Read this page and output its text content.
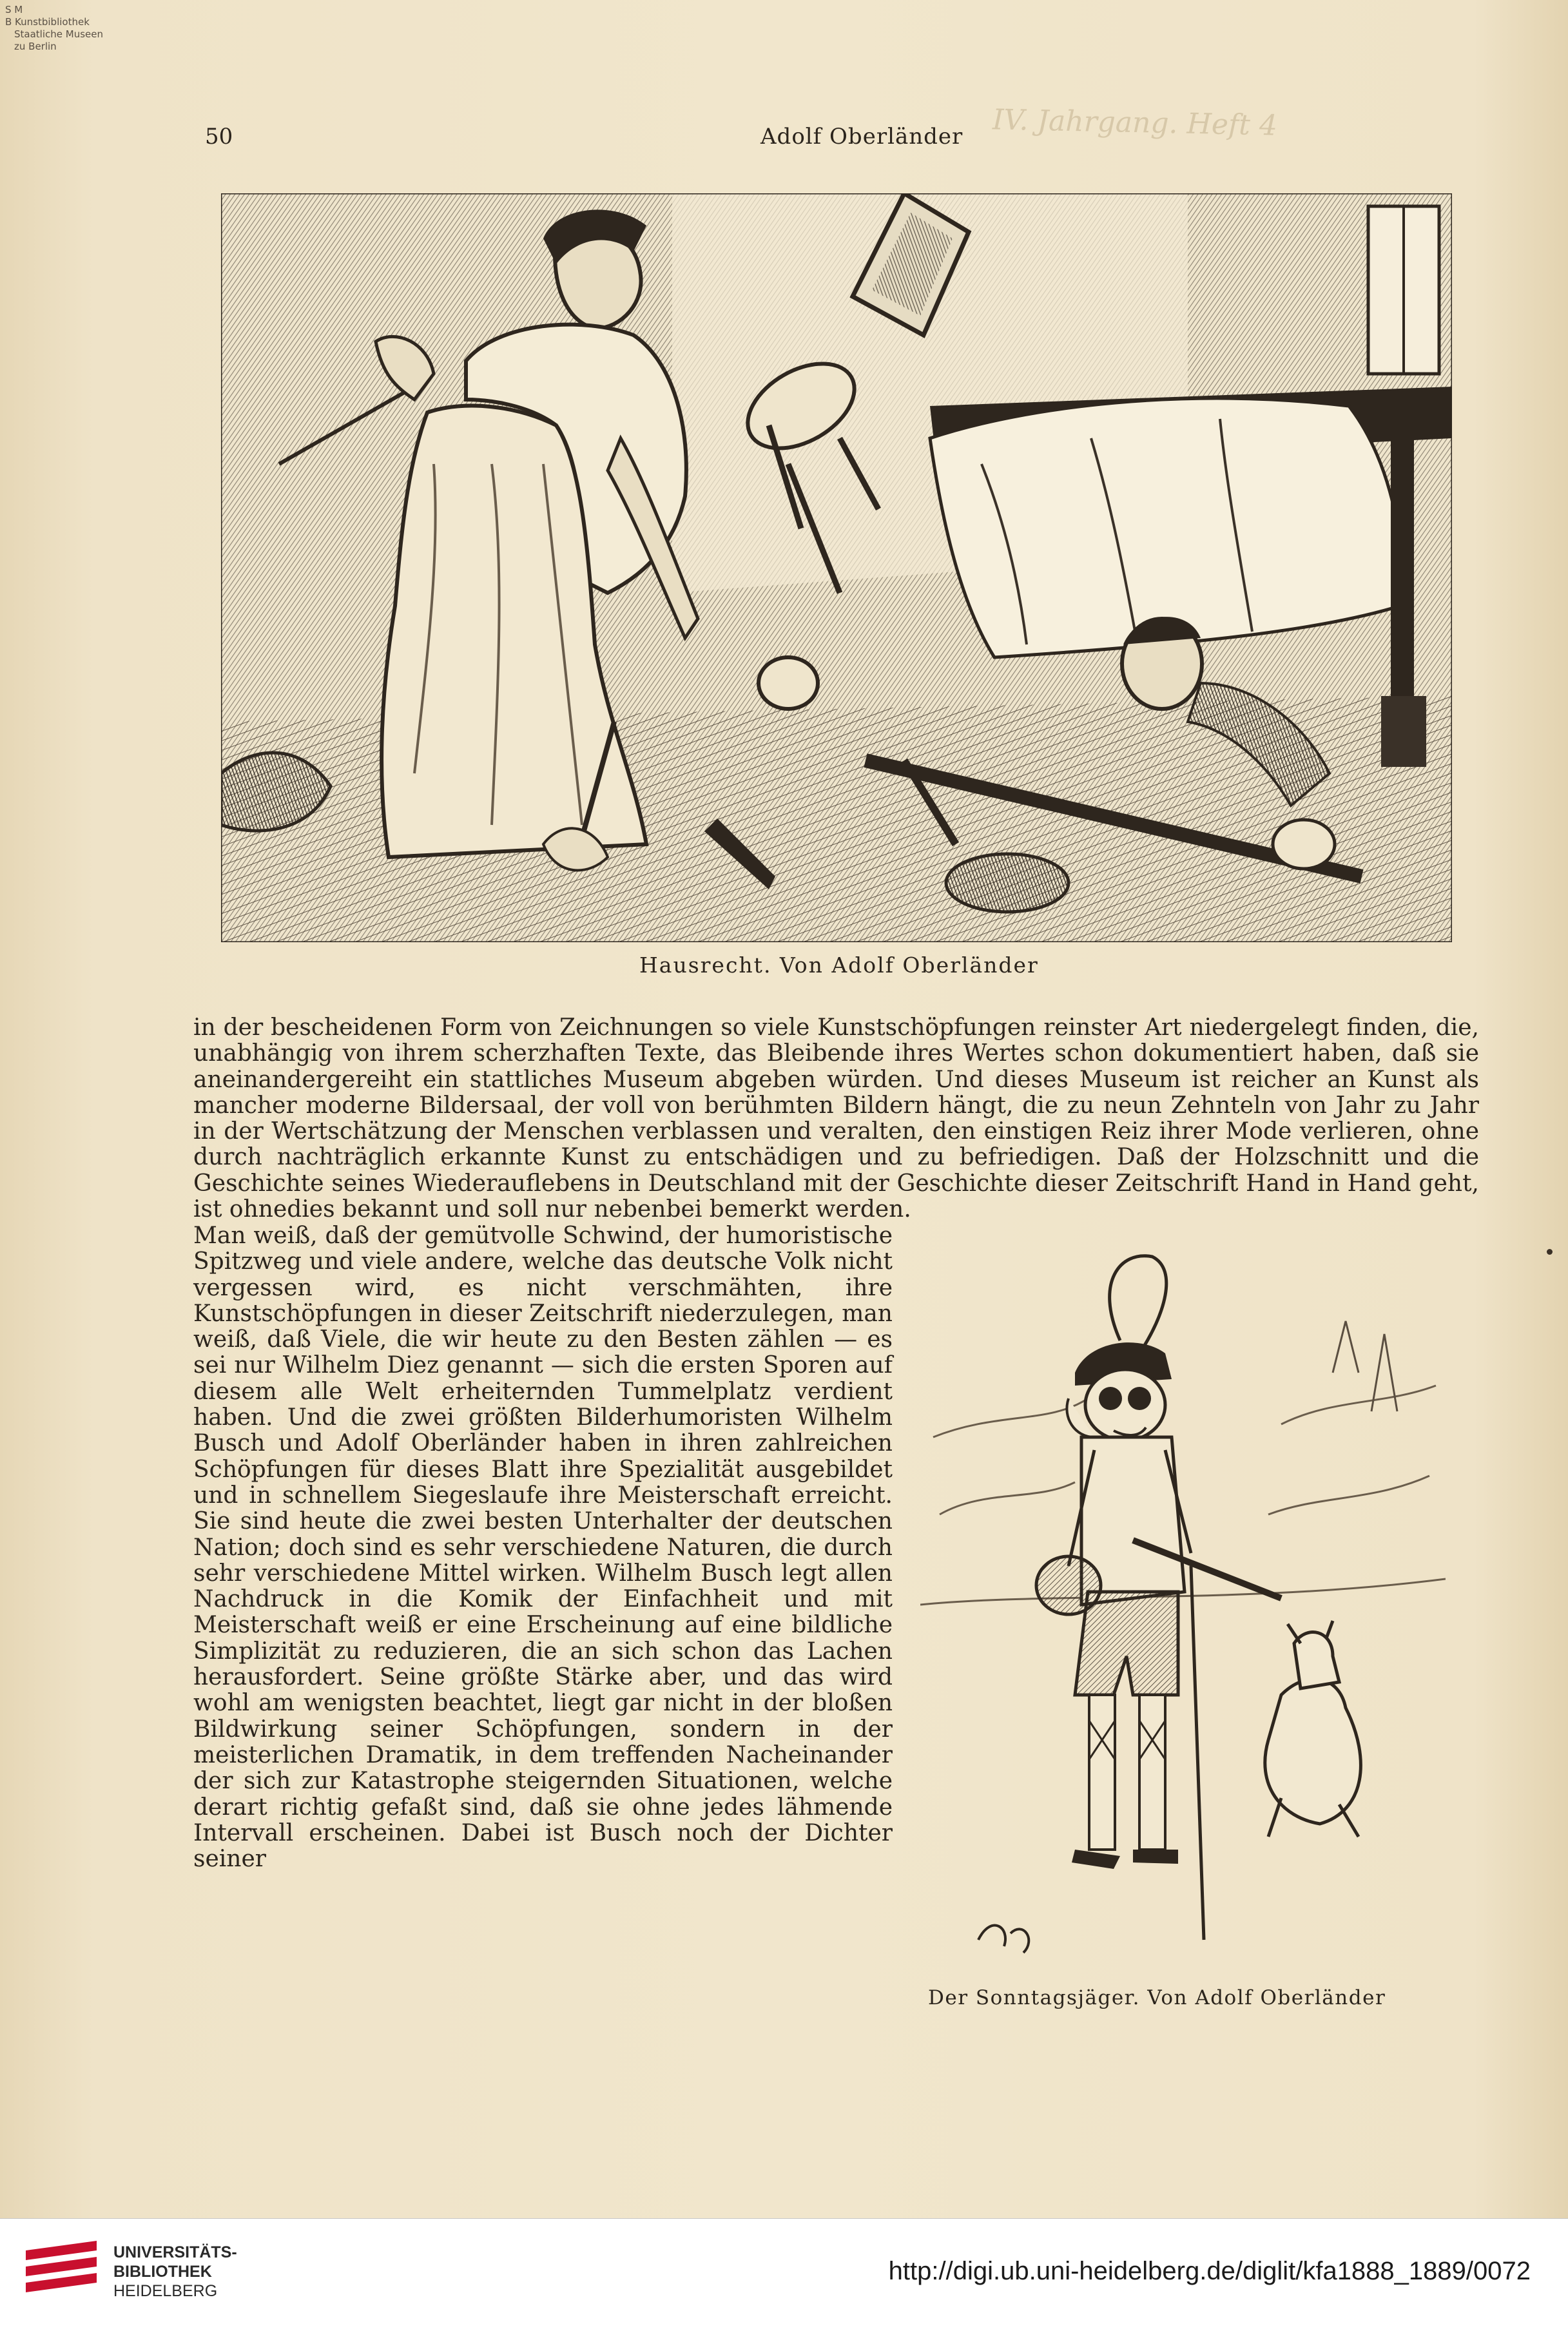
S M
B Kunstbibliothek
Staatliche Museen
zu Berlin
IV. Jahrgang. Heft 4
50	Adolf Oberländer
Hausrecht. Von Adolf Oberländer

in der bescheidenen Form von Zeichnungen so viele Kunstschöpfungen reinster Art niedergelegt finden, die, unabhängig von ihrem scherzhaften Texte, das Bleibende ihres Wertes schon dokumentiert haben, daß sie aneinandergereiht ein stattliches Museum abgeben würden. Und dieses Museum ist reicher an Kunst als mancher moderne Bildersaal, der voll von berühmten Bildern hängt, die zu neun Zehnteln von Jahr zu Jahr in der Wertschätzung der Menschen verblassen und veralten, den einstigen Reiz ihrer Mode verlieren, ohne durch nachträglich erkannte Kunst zu entschädigen und zu befriedigen. Daß der Holzschnitt und die Geschichte seines Wiederauflebens in Deutschland mit der Geschichte dieser Zeitschrift Hand in Hand geht, ist ohnedies bekannt und soll nur nebenbei bemerkt werden.

Man weiß, daß der gemütvolle Schwind, der humoristische Spitzweg und viele andere, welche das deutsche Volk nicht vergessen wird, es nicht verschmähten, ihre Kunstschöpfungen in dieser Zeitschrift niederzulegen, man weiß, daß Viele, die wir heute zu den Besten zählen — es sei nur Wilhelm Diez genannt — sich die ersten Sporen auf diesem alle Welt erheiternden Tummelplatz verdient haben. Und die zwei größten Bilderhumoristen Wilhelm Busch und Adolf Oberländer haben in ihren zahlreichen Schöpfungen für dieses Blatt ihre Spezialität ausgebildet und in schnellem Siegeslaufe ihre Meisterschaft erreicht. Sie sind heute die zwei besten Unterhalter der deutschen Nation; doch sind es sehr verschiedene Naturen, die durch sehr verschiedene Mittel wirken. Wilhelm Busch legt allen Nachdruck in die Komik der Einfachheit und mit Meisterschaft weiß er eine Erscheinung auf eine bildliche Simplizität zu reduzieren, die an sich schon das Lachen herausfordert. Seine größte Stärke aber, und das wird wohl am wenigsten beachtet, liegt gar nicht in der bloßen Bildwirkung seiner Schöpfungen, sondern in der meisterlichen Dramatik, in dem treffenden Nacheinander der sich zur Katastrophe steigernden Situationen, welche derart richtig gefaßt sind, daß sie ohne jedes lähmende Intervall erscheinen. Dabei ist Busch noch der Dichter seiner

Der Sonntagsjäger. Von Adolf Oberländer
UNIVERSITÄTS-
BIBLIOTHEK
HEIDELBERG
http://digi.ub.uni-heidelberg.de/diglit/kfa1888_1889/0072
